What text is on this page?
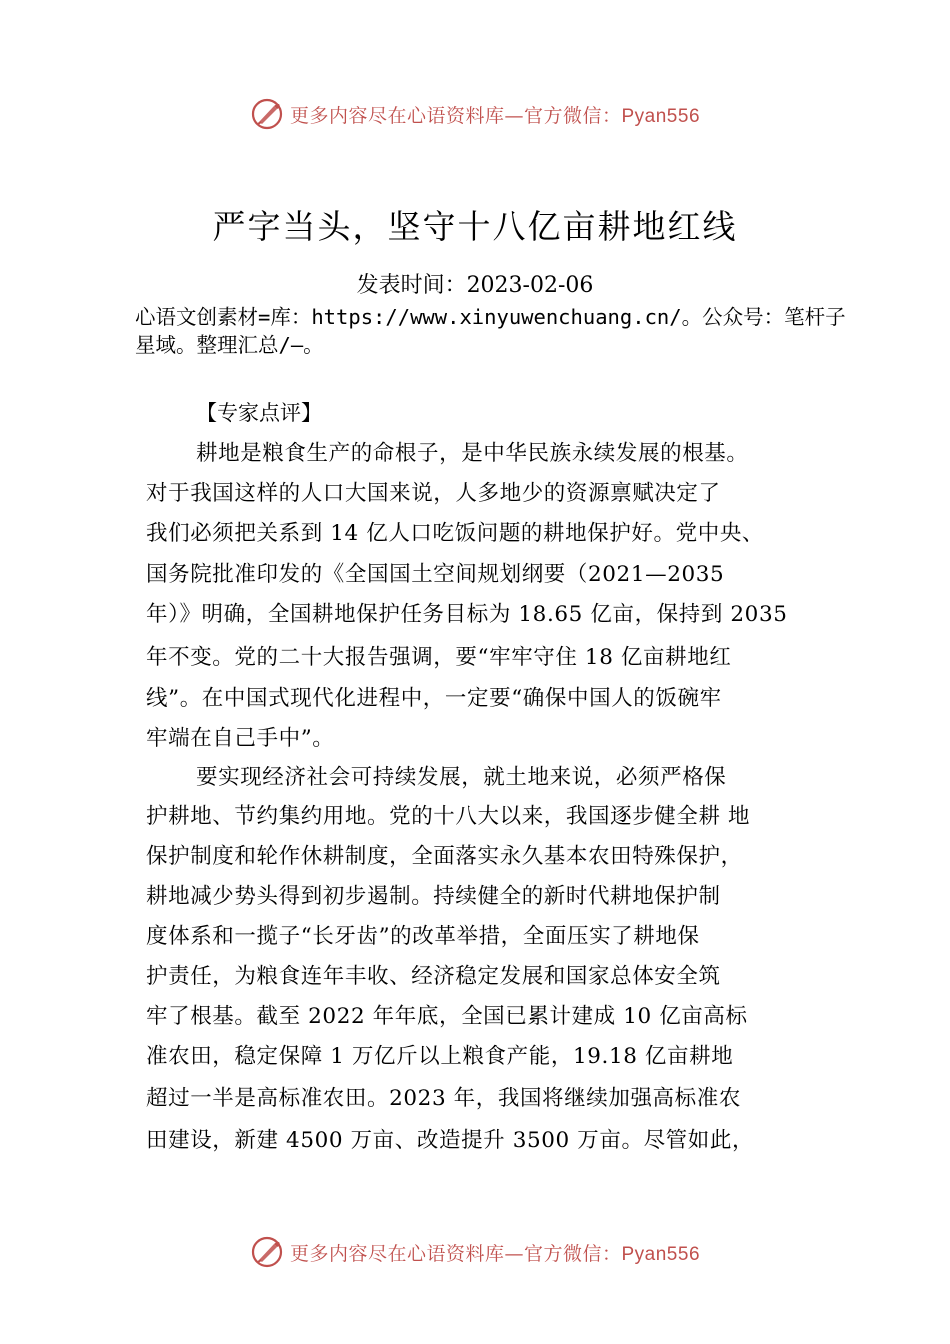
更多内容尽在心语资料库—官方微信：Pyan556
严字当头，坚守十八亿亩耕地红线
发表时间：2023-02-06
心语文创素材=库：https://www.xinyuwenchuang.cn/。公众号：笔杆子星域。整理汇总/—。
【专家点评】
耕地是粮食生产的命根子，是中华民族永续发展的根基。
对于我国这样的人口大国来说，人多地少的资源禀赋决定了
我们必须把关系到 14 亿人口吃饭问题的耕地保护好。党中央、
国务院批准印发的《全国国土空间规划纲要（2021—2035
年）》明确，全国耕地保护任务目标为 18.65 亿亩，保持到 2035
年不变。党的二十大报告强调，要“牢牢守住 18 亿亩耕地红
线”。在中国式现代化进程中，一定要“确保中国人的饭碗牢
牢端在自己手中”。
要实现经济社会可持续发展，就土地来说，必须严格保
护耕地、节约集约用地。党的十八大以来，我国逐步健全耕 地
保护制度和轮作休耕制度，全面落实永久基本农田特殊保护，
耕地减少势头得到初步遏制。持续健全的新时代耕地保护制
度体系和一揽子“长牙齿”的改革举措，全面压实了耕地保
护责任，为粮食连年丰收、经济稳定发展和国家总体安全筑
牢了根基。截至 2022 年年底，全国已累计建成 10 亿亩高标
准农田，稳定保障 1 万亿斤以上粮食产能，19.18 亿亩耕地
超过一半是高标准农田。2023 年，我国将继续加强高标准农
田建设，新建 4500 万亩、改造提升 3500 万亩。尽管如此，
更多内容尽在心语资料库—官方微信：Pyan556
